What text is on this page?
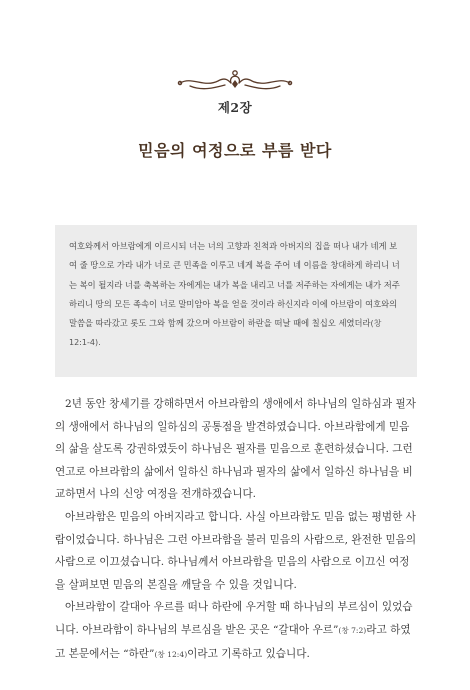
제2장
믿음의 여정으로 부름 받다

여호와께서 아브람에게 이르시되 너는 너의 고향과 친척과 아버지의 집을 떠나 내가 네게 보여 줄 땅으로 가라 내가 너로 큰 민족을 이루고 네게 복을 주어 네 이름을 창대하게 하리니 너는 복이 될지라 너를 축복하는 자에게는 내가 복을 내리고 너를 저주하는 자에게는 내가 저주하리니 땅의 모든 족속이 너로 말미암아 복을 얻을 것이라 하신지라 이에 아브람이 여호와의 말씀을 따라갔고 롯도 그와 함께 갔으며 아브람이 하란을 떠날 때에 칠십오 세였더라(창 12:1-4).

2년 동안 창세기를 강해하면서 아브라함의 생애에서 하나님의 일하심과 필자의 생애에서 하나님의 일하심의 공통점을 발견하였습니다. 아브라함에게 믿음의 삶을 살도록 강권하였듯이 하나님은 필자를 믿음으로 훈련하셨습니다. 그런 연고로 아브라함의 삶에서 일하신 하나님과 필자의 삶에서 일하신 하나님을 비교하면서 나의 신앙 여정을 전개하겠습니다.

아브라함은 믿음의 아버지라고 합니다. 사실 아브라함도 믿음 없는 평범한 사람이었습니다. 하나님은 그런 아브라함을 불러 믿음의 사람으로, 완전한 믿음의 사람으로 이끄셨습니다. 하나님께서 아브라함을 믿음의 사람으로 이끄신 여정을 살펴보면 믿음의 본질을 깨달을 수 있을 것입니다.

아브라함이 갈대아 우르를 떠나 하란에 우거할 때 하나님의 부르심이 있었습니다. 아브라함이 하나님의 부르심을 받은 곳은 “갈대아 우르”(창 7:2)라고 하였고 본문에서는 “하란”(창 12:4)이라고 기록하고 있습니다.
